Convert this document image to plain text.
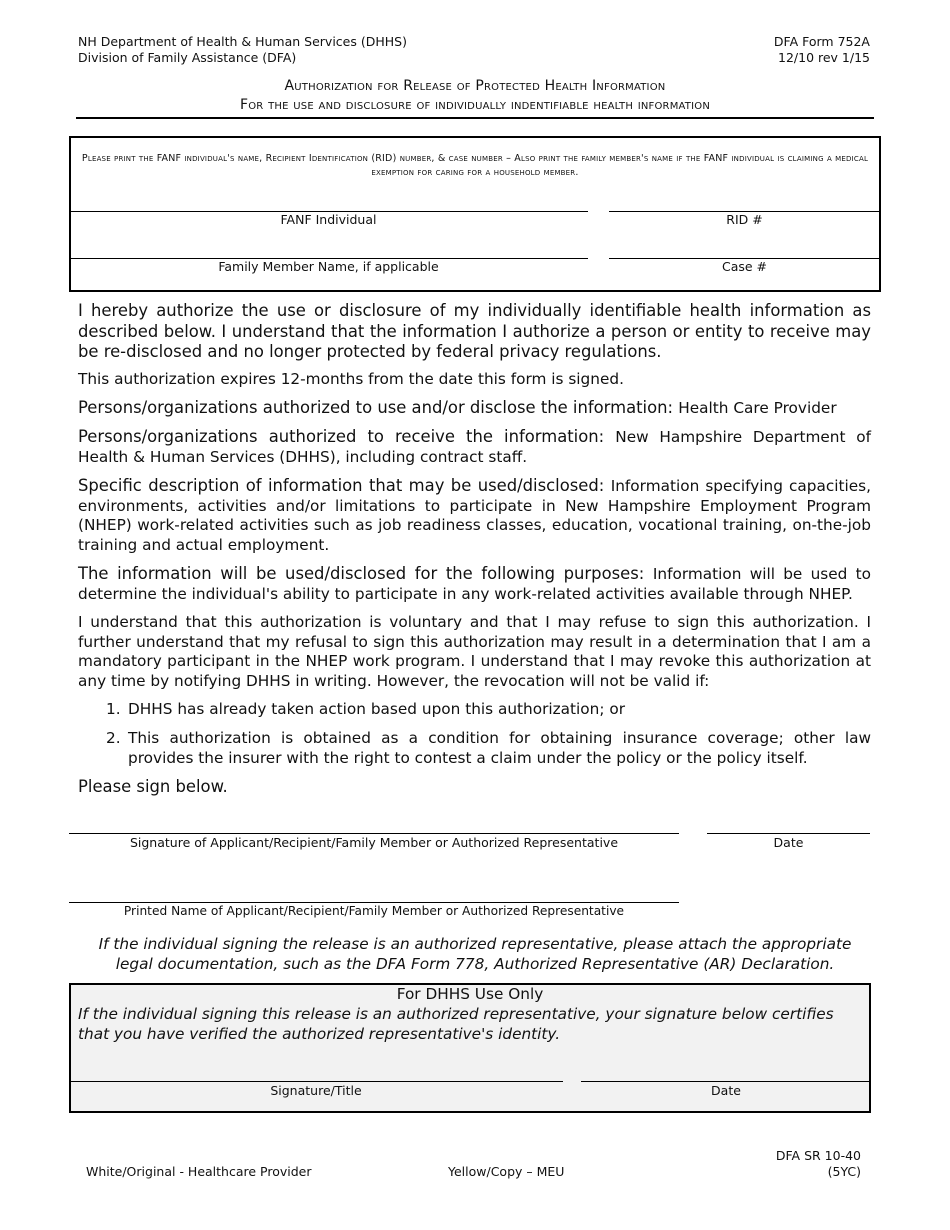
NH Department of Health & Human Services (DHHS)
Division of Family Assistance (DFA)
DFA Form 752A
12/10 rev 1/15
Authorization for Release of Protected Health Information
For the use and disclosure of individually indentifiable health information
Please print the FANF individual's name, Recipient Identification (RID) number, & case number – Also print the family member's name if the FANF individual is claiming a medical exemption for caring for a household member.
FANF Individual	RID #
Family Member Name, if applicable	Case #
I hereby authorize the use or disclosure of my individually identifiable health information as described below. I understand that the information I authorize a person or entity to receive may be re-disclosed and no longer protected by federal privacy regulations.
This authorization expires 12-months from the date this form is signed.
Persons/organizations authorized to use and/or disclose the information: Health Care Provider
Persons/organizations authorized to receive the information: New Hampshire Department of Health & Human Services (DHHS), including contract staff.
Specific description of information that may be used/disclosed: Information specifying capacities, environments, activities and/or limitations to participate in New Hampshire Employment Program (NHEP) work-related activities such as job readiness classes, education, vocational training, on-the-job training and actual employment.
The information will be used/disclosed for the following purposes: Information will be used to determine the individual's ability to participate in any work-related activities available through NHEP.
I understand that this authorization is voluntary and that I may refuse to sign this authorization. I further understand that my refusal to sign this authorization may result in a determination that I am a mandatory participant in the NHEP work program. I understand that I may revoke this authorization at any time by notifying DHHS in writing. However, the revocation will not be valid if:
1. DHHS has already taken action based upon this authorization; or
2. This authorization is obtained as a condition for obtaining insurance coverage; other law provides the insurer with the right to contest a claim under the policy or the policy itself.
Please sign below.
Signature of Applicant/Recipient/Family Member or Authorized Representative	Date
Printed Name of Applicant/Recipient/Family Member or Authorized Representative
If the individual signing the release is an authorized representative, please attach the appropriate legal documentation, such as the DFA Form 778, Authorized Representative (AR) Declaration.
For DHHS Use Only
If the individual signing this release is an authorized representative, your signature below certifies that you have verified the authorized representative's identity.
Signature/Title	Date
White/Original - Healthcare Provider	Yellow/Copy – MEU
DFA SR 10-40
(5YC)
